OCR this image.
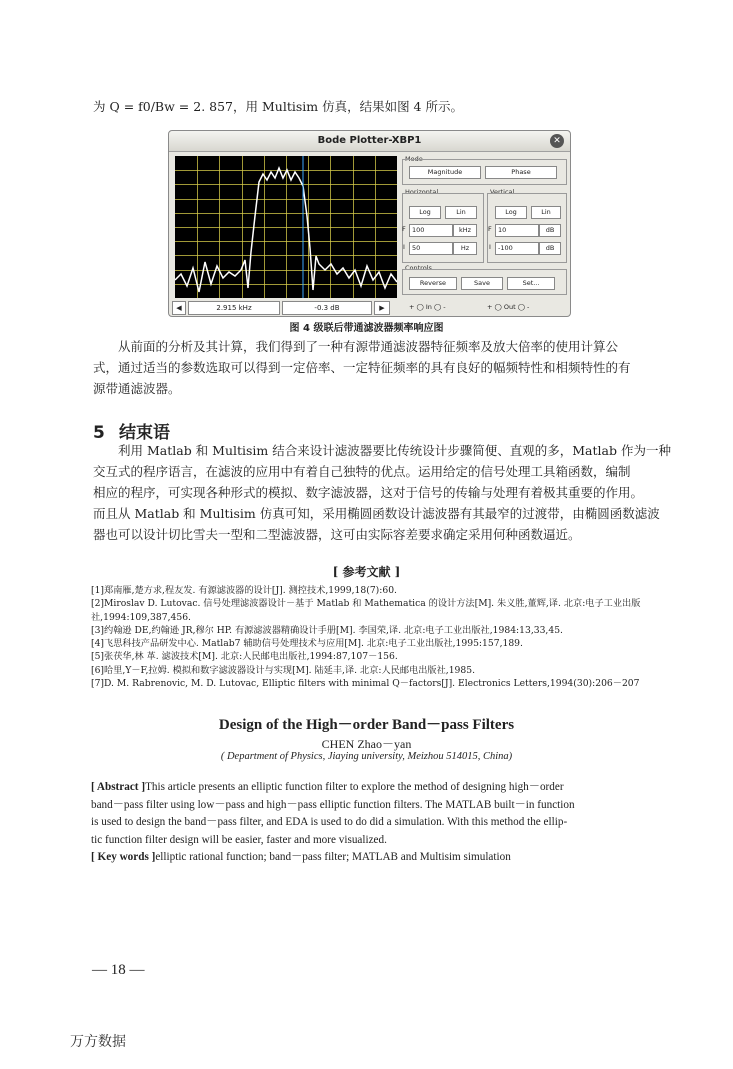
为 Q = f0/Bw = 2. 857，用 Multisim 仿真，结果如图 4 所示。
Bode Plotter-XBP1	✕
◀	2.915 kHz	-0.3 dB	▶
Mode
Magnitude	Phase
Horizontal
Log	Lin
F 100	kHz
I	50	Hz
Vertical
Log	Lin
F 10	dB
I	-100	dB
Controls
Reverse	Save	Set...
+ ◯ In ◯ -	+ ◯ Out ◯ -
图 4 级联后带通滤波器频率响应图
从前面的分析及其计算，我们得到了一种有源带通滤波器特征频率及放大倍率的使用计算公
式，通过适当的参数选取可以得到一定倍率、一定特征频率的具有良好的幅频特性和相频特性的有
源带通滤波器。
5 结束语
利用 Matlab 和 Multisim 结合来设计滤波器要比传统设计步骤简便、直观的多，Matlab 作为一种
交互式的程序语言，在滤波的应用中有着自己独特的优点。运用给定的信号处理工具箱函数，编制
相应的程序，可实现各种形式的模拟、数字滤波器，这对于信号的传输与处理有着极其重要的作用。
而且从 Matlab 和 Multisim 仿真可知，采用椭圆函数设计滤波器有其最窄的过渡带，由椭圆函数滤波
器也可以设计切比雪夫一型和二型滤波器，这可由实际容差要求确定采用何种函数逼近。
[ 参考文献 ]
[1]郑南雁,楚方求,程友发. 有源滤波器的设计[J]. 测控技术,1999,18(7):60.
[2]Miroslav D. Lutovac. 信号处理滤波器设计－基于 Matlab 和 Mathematica 的设计方法[M]. 朱义胜,董辉,译. 北京:电子工业出版
社,1994:109,387,456.
[3]约翰逊 DE,约翰逊 JR,穆尔 HP. 有源滤波器精确设计手册[M]. 李国荣,译. 北京:电子工业出版社,1984:13,33,45.
[4]飞思科技产品研发中心. Matlab7 辅助信号处理技术与应用[M]. 北京:电子工业出版社,1995:157,189.
[5]张茯华,林 革. 滤波技术[M]. 北京:人民邮电出版社,1994:87,107－156.
[6]哈里,Y－F,拉姆. 模拟和数字滤波器设计与实现[M]. 陆延丰,译. 北京:人民邮电出版社,1985.
[7]D. M. Rabrenovic, M. D. Lutovac, Elliptic filters with minimal Q－factors[J]. Electronics Letters,1994(30):206－207
Design of the High－order Band－pass Filters
CHEN Zhao－yan
( Department of Physics, Jiaying university, Meizhou 514015, China)
[ Abstract ]This article presents an elliptic function filter to explore the method of designing high－order
band－pass filter using low－pass and high－pass elliptic function filters. The MATLAB built－in function
is used to design the band－pass filter, and EDA is used to do did a simulation. With this method the ellip-
tic function filter design will be easier, faster and more visualized.
[ Key words ]elliptic rational function; band－pass filter; MATLAB and Multisim simulation
— 18 —
万方数据
